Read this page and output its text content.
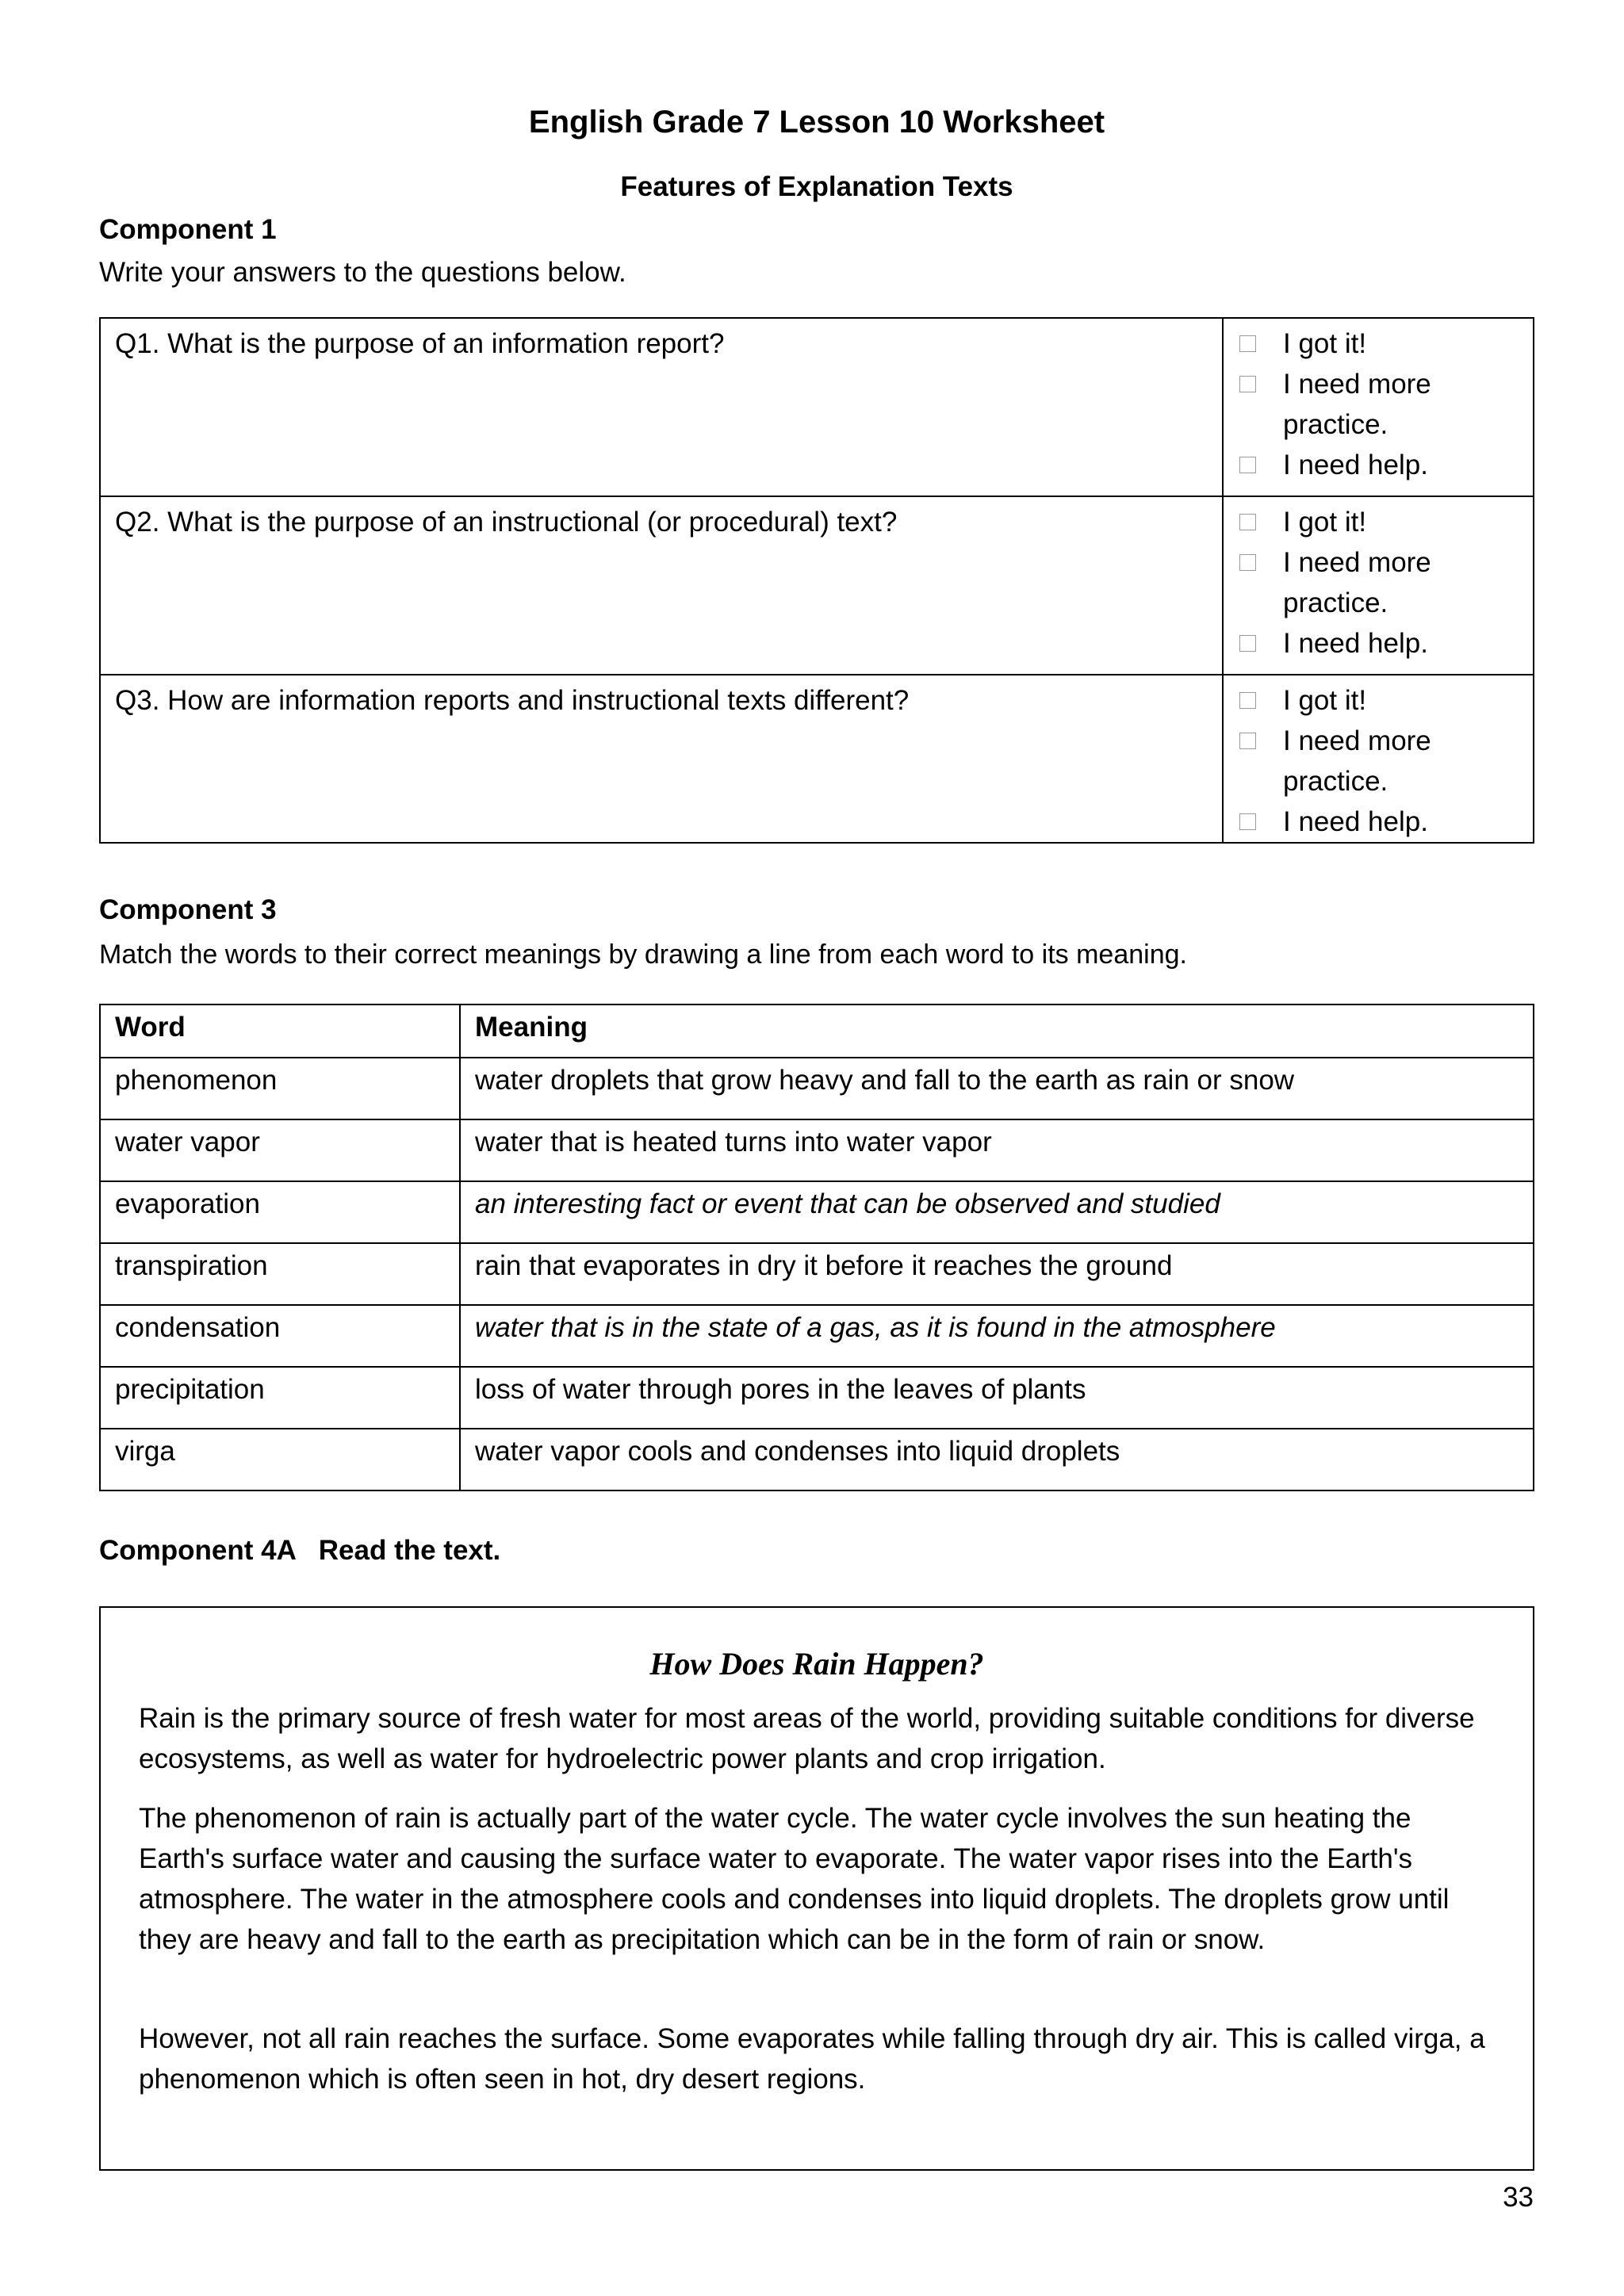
English Grade 7 Lesson 10 Worksheet
Features of Explanation Texts
Component 1
Write your answers to the questions below.
Q1. What is the purpose of an information report?	I got it!
I need more practice.
I need help.

Q2. What is the purpose of an instructional (or procedural) text?	I got it!
I need more practice.
I need help.

Q3. How are information reports and instructional texts different?	I got it!
I need more practice.
I need help.
Component 3
Match the words to their correct meanings by drawing a line from each word to its meaning.
Word	Meaning
phenomenon	water droplets that grow heavy and fall to the earth as rain or snow
water vapor	water that is heated turns into water vapor
evaporation	an interesting fact or event that can be observed and studied
transpiration	rain that evaporates in dry it before it reaches the ground
condensation	water that is in the state of a gas, as it is found in the atmosphere
precipitation	loss of water through pores in the leaves of plants
virga	water vapor cools and condenses into liquid droplets
Component 4A   Read the text.
How Does Rain Happen?
Rain is the primary source of fresh water for most areas of the world, providing suitable conditions for diverse ecosystems, as well as water for hydroelectric power plants and crop irrigation.
The phenomenon of rain is actually part of the water cycle. The water cycle involves the sun heating the Earth's surface water and causing the surface water to evaporate. The water vapor rises into the Earth's atmosphere. The water in the atmosphere cools and condenses into liquid droplets. The droplets grow until they are heavy and fall to the earth as precipitation which can be in the form of rain or snow.
However, not all rain reaches the surface. Some evaporates while falling through dry air. This is called virga, a phenomenon which is often seen in hot, dry desert regions.
33
